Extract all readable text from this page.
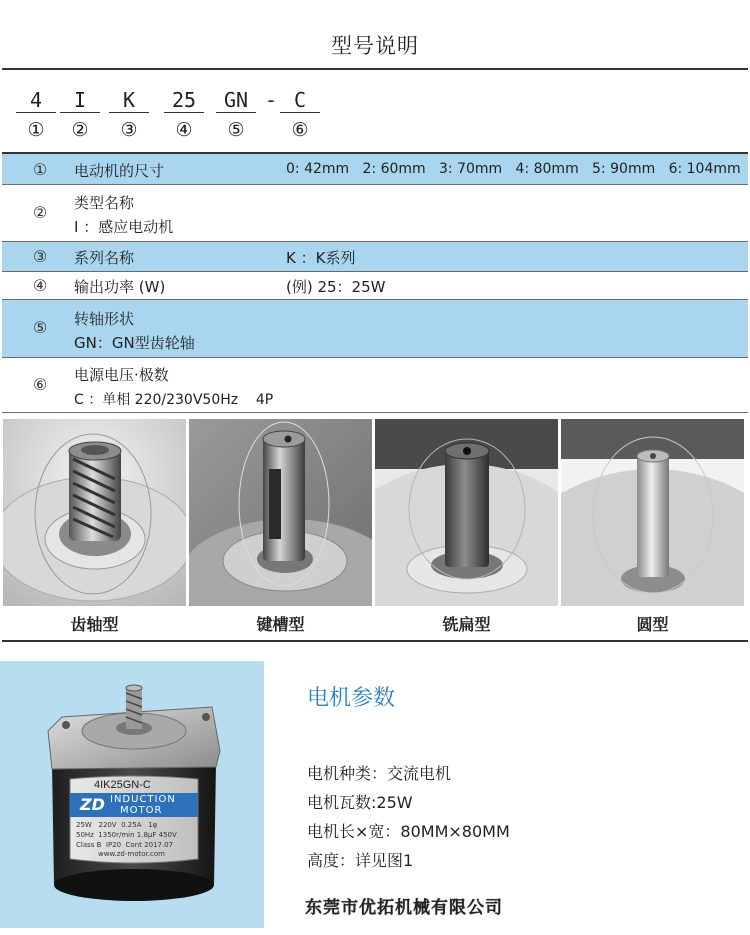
型号说明
4	I	K	25	GN - C
①	②	③	④	⑤	⑥
①	电动机的尺寸	0: 42mm   2: 60mm   3: 70mm   4: 80mm   5: 90mm   6: 104mm
②	类型名称
I ：感应电动机
③	系列名称	K ：K系列
④	输出功率 (W)	(例) 25：25W
⑤	转轴形状
GN：GN型齿轮轴
⑥	电源电压·极数
C ：单相 220/230V50Hz    4P
齿轴型	键槽型	铣扁型	圆型
4IK25GN-C
ZD INDUCTION
MOTOR
25W   220V  0.25A   1φ
50Hz  1350r/min 1.8μF 450V
Class B  IP20  Cont 2017.07
www.zd-motor.com
电机参数
电机种类：交流电机
电机瓦数:25W
电机长×宽：80MM×80MM
高度：详见图1
东莞市优拓机械有限公司
